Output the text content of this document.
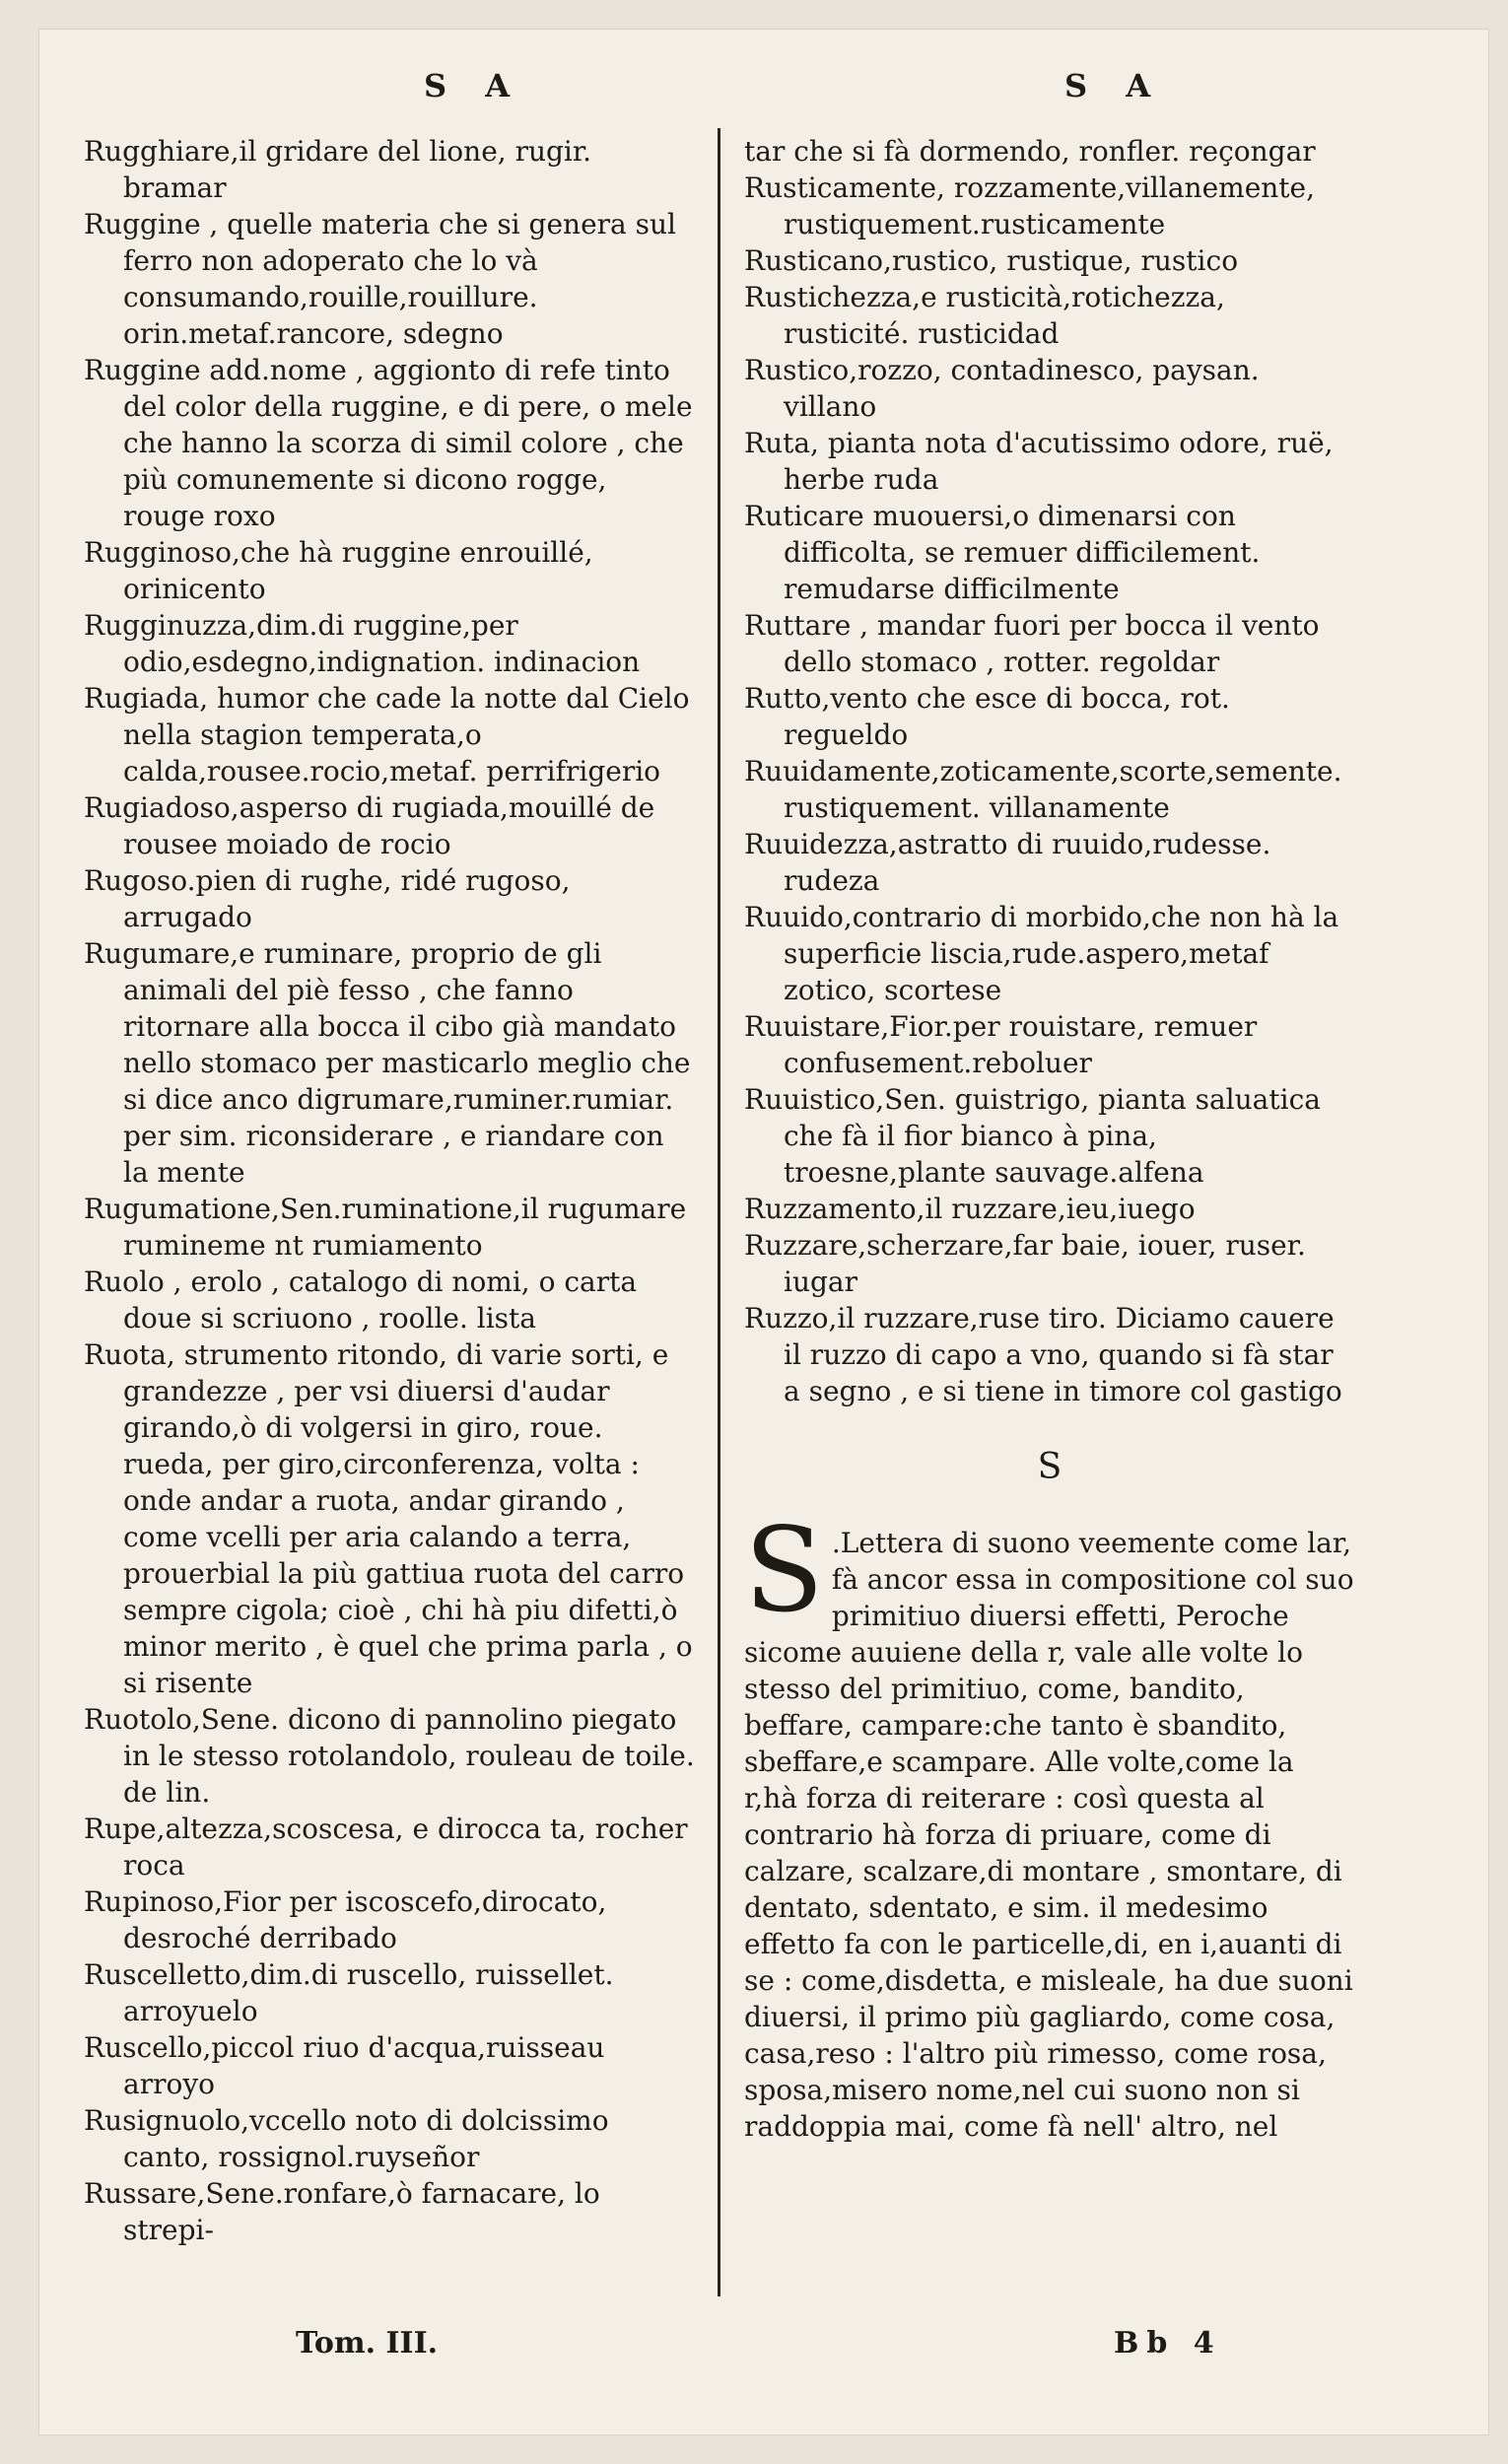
S A	S A

Rugghiare,il gridare del lione, rugir. bramar

Ruggine , quelle materia che si genera sul ferro non adoperato che lo và consumando,rouille,rouillure. orin.metaf.rancore, sdegno

Ruggine add.nome , aggionto di refe tinto del color della ruggine, e di pere, o mele che hanno la scorza di simil colore , che più comunemente si dicono rogge, rouge roxo

Rugginoso,che hà ruggine enrouillé, orinicento

Rugginuzza,dim.di ruggine,per odio,esdegno,indignation. indinacion

Rugiada, humor che cade la notte dal Cielo nella stagion temperata,o calda,rousee.rocio,metaf. perrifrigerio

Rugiadoso,asperso di rugiada,mouillé de rousee moiado de rocio

Rugoso.pien di rughe, ridé rugoso, arrugado

Rugumare,e ruminare, proprio de gli animali del piè fesso , che fanno ritornare alla bocca il cibo già mandato nello stomaco per masticarlo meglio che si dice anco digrumare,ruminer.rumiar. per sim. riconsiderare , e riandare con la mente

Rugumatione,Sen.ruminatione,il rugumare rumineme nt rumiamento

Ruolo , erolo , catalogo di nomi, o carta doue si scriuono , roolle. lista

Ruota, strumento ritondo, di varie sorti, e grandezze , per vsi diuersi d'audar girando,ò di volgersi in giro, roue. rueda, per giro,circonferenza, volta : onde andar a ruota, andar girando , come vcelli per aria calando a terra, prouerbial la più gattiua ruota del carro sempre cigola; cioè , chi hà piu difetti,ò minor merito , è quel che prima parla , o si risente

Ruotolo,Sene. dicono di pannolino piegato in le stesso rotolandolo, rouleau de toile. de lin.

Rupe,altezza,scoscesa, e dirocca ta, rocher roca

Rupinoso,Fior per iscoscefo,dirocato, desroché derribado

Ruscelletto,dim.di ruscello, ruissellet. arroyuelo

Ruscello,piccol riuo d'acqua,ruisseau arroyo

Rusignuolo,vccello noto di dolcissimo canto, rossignol.ruyseñor

Russare,Sene.ronfare,ò farnacare, lo strepi-

tar che si fà dormendo, ronfler. reçongar

Rusticamente, rozzamente,villanemente, rustiquement.rusticamente

Rusticano,rustico, rustique, rustico

Rustichezza,e rusticità,rotichezza, rusticité. rusticidad

Rustico,rozzo, contadinesco, paysan. villano

Ruta, pianta nota d'acutissimo odore, ruë, herbe ruda

Ruticare muouersi,o dimenarsi con difficolta, se remuer difficilement. remudarse difficilmente

Ruttare , mandar fuori per bocca il vento dello stomaco , rotter. regoldar

Rutto,vento che esce di bocca, rot. regueldo

Ruuidamente,zoticamente,scorte,semente. rustiquement. villanamente

Ruuidezza,astratto di ruuido,rudesse. rudeza

Ruuido,contrario di morbido,che non hà la superficie liscia,rude.aspero,metaf zotico, scortese

Ruuistare,Fior.per rouistare, remuer confusement.reboluer

Ruuistico,Sen. guistrigo, pianta saluatica che fà il fior bianco à pina, troesne,plante sauvage.alfena

Ruzzamento,il ruzzare,ieu,iuego

Ruzzare,scherzare,far baie, iouer, ruser. iugar

Ruzzo,il ruzzare,ruse tiro. Diciamo cauere il ruzzo di capo a vno, quando si fà star a segno , e si tiene in timore col gastigo

S

S .Lettera di suono veemente come lar, fà ancor essa in compositione col suo primitiuo diuersi effetti, Peroche sicome auuiene della r, vale alle volte lo stesso del primitiuo, come, bandito, beffare, campare:che tanto è sbandito, sbeffare,e scampare. Alle volte,come la r,hà forza di reiterare : così questa al contrario hà forza di priuare, come di calzare, scalzare,di montare , smontare, di dentato, sdentato, e sim. il medesimo effetto fa con le particelle,di, en i,auanti di se : come,disdetta, e misleale, ha due suoni diuersi, il primo più gagliardo, come cosa, casa,reso : l'altro più rimesso, come rosa, sposa,misero nome,nel cui suono non si raddoppia mai, come fà nell' altro, nel

Tom. III.	Bb 4
